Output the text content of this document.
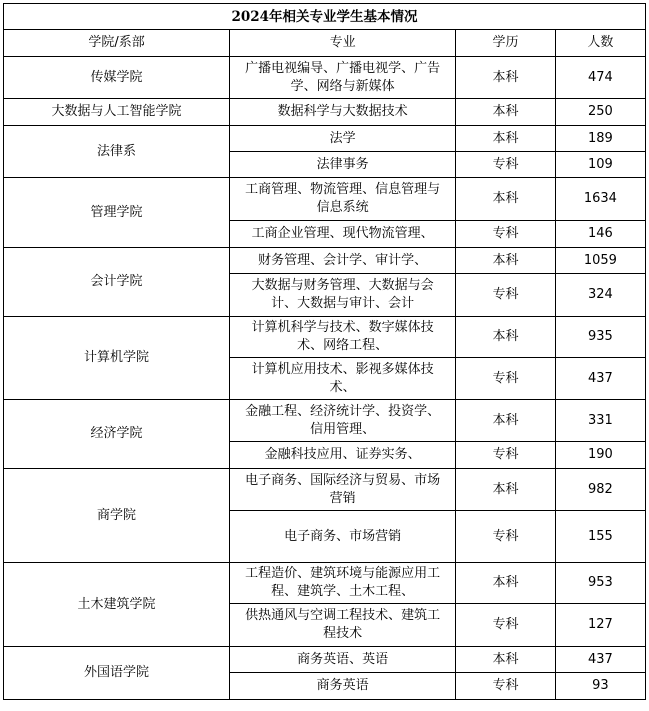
2024年相关专业学生基本情况			
学院/系部	专业	学历	人数
传媒学院	广播电视编导、广播电视学、广告学、网络与新媒体	本科	474
大数据与人工智能学院	数据科学与大数据技术	本科	250
法律系	法学	本科	189
	法律事务	专科	109
管理学院	工商管理、物流管理、信息管理与信息系统	本科	1634
	工商企业管理、现代物流管理、	专科	146
会计学院	财务管理、会计学、审计学、	本科	1059
	大数据与财务管理、大数据与会计、大数据与审计、会计	专科	324
计算机学院	计算机科学与技术、数字媒体技术、网络工程、	本科	935
	计算机应用技术、影视多媒体技术、	专科	437
经济学院	金融工程、经济统计学、投资学、信用管理、	本科	331
	金融科技应用、证券实务、	专科	190
商学院	电子商务、国际经济与贸易、市场营销	本科	982
	电子商务、市场营销	专科	155
土木建筑学院	工程造价、建筑环境与能源应用工程、建筑学、土木工程、	本科	953
	供热通风与空调工程技术、建筑工程技术	专科	127
外国语学院	商务英语、英语	本科	437
	商务英语	专科	93
